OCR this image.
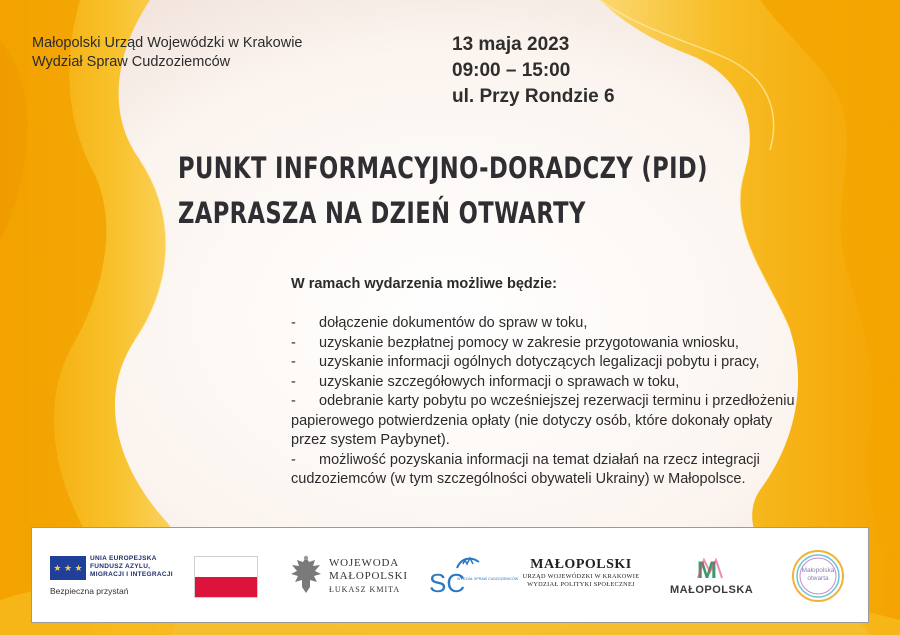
Małopolski Urząd Wojewódzki w Krakowie
Wydział Spraw Cudzoziemców
13 maja 2023
09:00 – 15:00
ul. Przy Rondzie 6
PUNKT INFORMACYJNO-DORADCZY (PID)
ZAPRASZA NA DZIEŃ OTWARTY
W ramach wydarzenia możliwe będzie:

- dołączenie dokumentów do spraw w toku,

- uzyskanie bezpłatnej pomocy w zakresie przygotowania wniosku,

- uzyskanie informacji ogólnych dotyczących legalizacji pobytu i pracy,

- uzyskanie szczegółowych informacji o sprawach w toku,

- odebranie karty pobytu po wcześniejszej rezerwacji terminu i przedłożeniu papierowego potwierdzenia opłaty (nie dotyczy osób, które dokonały opłaty przez system Paybynet).

- możliwość pozyskania informacji na temat działań na rzecz integracji cudzoziemców (w tym szczególności obywateli Ukrainy) w Małopolsce.

★ ★ ★
UNIA EUROPEJSKA
FUNDUSZ AZYLU,
MIGRACJI I INTEGRACJI
Bezpieczna przystań
WOJEWODA
MAŁOPOLSKI
ŁUKASZ KMITA SC
WYDZIAŁ SPRAW CUDZOZIEMCÓW
MAŁOPOLSKI
URZĄD WOJEWÓDZKI W KRAKOWIE
WYDZIAŁ POLITYKI SPOŁECZNEJ
M
MAŁOPOLSKA
Małopolska
otwarta
